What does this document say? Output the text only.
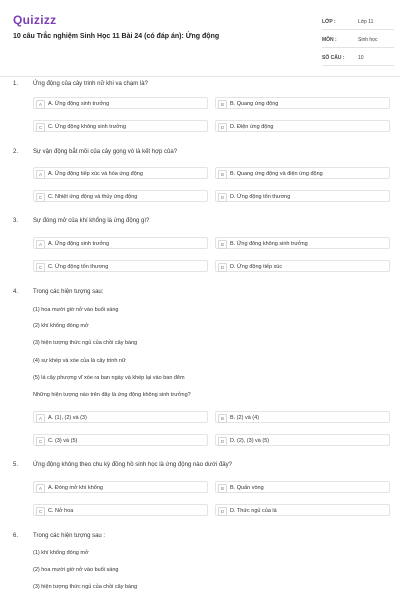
Quizizz
10 câu Trắc nghiệm Sinh Học 11 Bài 24 (có đáp án): Ứng động
LỚP :	Lớp 11
MÔN :	Sinh học
SỐ CÂU :	10
1. Ứng động của cây trinh nữ khi va chạm là?
A	A. Ứng động sinh trưởng	B	B. Quang ứng động
C	C. Ứng động không sinh trưởng	D	D. Điện ứng động
2. Sự vận động bắt mồi của cây gọng vó là kết hợp của?
A	A. Ứng động tiếp xúc và hóa ứng động	B	B. Quang ứng động và điện ứng động
C	C. Nhiệt ứng động và thủy ứng động	D	D. Ứng động tổn thương
3. Sự đóng mở của khí khổng là ứng động gì?
A	A. Ứng động sinh trưởng	B	B. Ứng đông không sinh trưởng
C	C. Ứng động tổn thương	D	D. Ứng động tiếp xúc
4. Trong các hiện tượng sau:
(1) hoa mười giờ nở vào buổi sáng
(2) khí khổng đóng mở
(3) hiện tượng thức ngủ của chồi cây bàng
(4) sự khép và xòe của lá cây trinh nữ
(5) lá cây phượng vĩ xòe ra ban ngày và khép lại vào ban đêm
Những hiện tượng nào trên đây là ứng động không sinh trưởng?
A	A. (1), (2) và (3)	B	B. (2) và (4)
C	C. (3) và (5)	D	D. (2), (3) và (5)
5. Ứng động không theo chu kỳ đồng hồ sinh học là ứng động nào dưới đây?
A	A. Đóng mở khí khổng	B	B. Quấn vòng
C	C. Nở hoa	D	D. Thức ngủ của lá
6. Trong các hiện tượng sau :
(1) khí khổng đóng mở
(2) hoa mười giờ nở vào buổi sáng
(3) hiện tượng thức ngủ của chồi cây bàng
